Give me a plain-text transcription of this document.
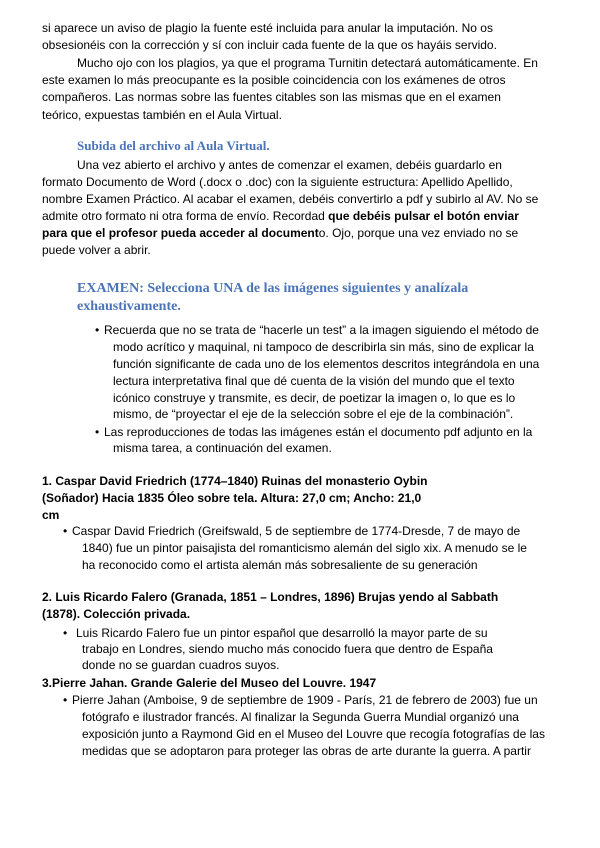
si aparece un aviso de plagio la fuente esté incluida para anular la imputación. No os
obsesionéis con la corrección y sí con incluir cada fuente de la que os hayáis servido.
Mucho ojo con los plagios, ya que el programa Turnitin detectará automáticamente. En
este examen lo más preocupante es la posible coincidencia con los exámenes de otros
compañeros. Las normas sobre las fuentes citables son las mismas que en el examen
teórico, expuestas también en el Aula Virtual.
Subida del archivo al Aula Virtual.
Una vez abierto el archivo y antes de comenzar el examen, debéis guardarlo en
formato Documento de Word (.docx o .doc) con la siguiente estructura: Apellido Apellido,
nombre Examen Práctico. Al acabar el examen, debéis convertirlo a pdf y subirlo al AV. No se
admite otro formato ni otra forma de envío. Recordad que debéis pulsar el botón enviar
para que el profesor pueda acceder al documento. Ojo, porque una vez enviado no se
puede volver a abrir.
EXAMEN: Selecciona UNA de las imágenes siguientes y analízala
exhaustivamente.
• Recuerda que no se trata de “hacerle un test” a la imagen siguiendo el método de
modo acrítico y maquinal, ni tampoco de describirla sin más, sino de explicar la
función significante de cada uno de los elementos descritos integrándola en una
lectura interpretativa final que dé cuenta de la visión del mundo que el texto
icónico construye y transmite, es decir, de poetizar la imagen o, lo que es lo
mismo, de “proyectar el eje de la selección sobre el eje de la combinación”.
• Las reproducciones de todas las imágenes están el documento pdf adjunto en la
misma tarea, a continuación del examen.
1. Caspar David Friedrich (1774–1840) Ruinas del monasterio Oybin
(Soñador) Hacia 1835 Óleo sobre tela. Altura: 27,0 cm; Ancho: 21,0
cm
• Caspar David Friedrich (Greifswald, 5 de septiembre de 1774-Dresde, 7 de mayo de
1840) fue un pintor paisajista del romanticismo alemán del siglo xix. A menudo se le
ha reconocido como el artista alemán más sobresaliente de su generación
2. Luis Ricardo Falero (Granada, 1851 – Londres, 1896) Brujas yendo al Sabbath
(1878). Colección privada.
• Luis Ricardo Falero fue un pintor español que desarrolló la mayor parte de su
trabajo en Londres, siendo mucho más conocido fuera que dentro de España
donde no se guardan cuadros suyos.
3.Pierre Jahan. Grande Galerie del Museo del Louvre. 1947
• Pierre Jahan (Amboise, 9 de septiembre de 1909 - París, 21 de febrero de 2003) fue un
fotógrafo e ilustrador francés. Al finalizar la Segunda Guerra Mundial organizó una
exposición junto a Raymond Gid en el Museo del Louvre que recogía fotografías de las
medidas que se adoptaron para proteger las obras de arte durante la guerra. A partir
